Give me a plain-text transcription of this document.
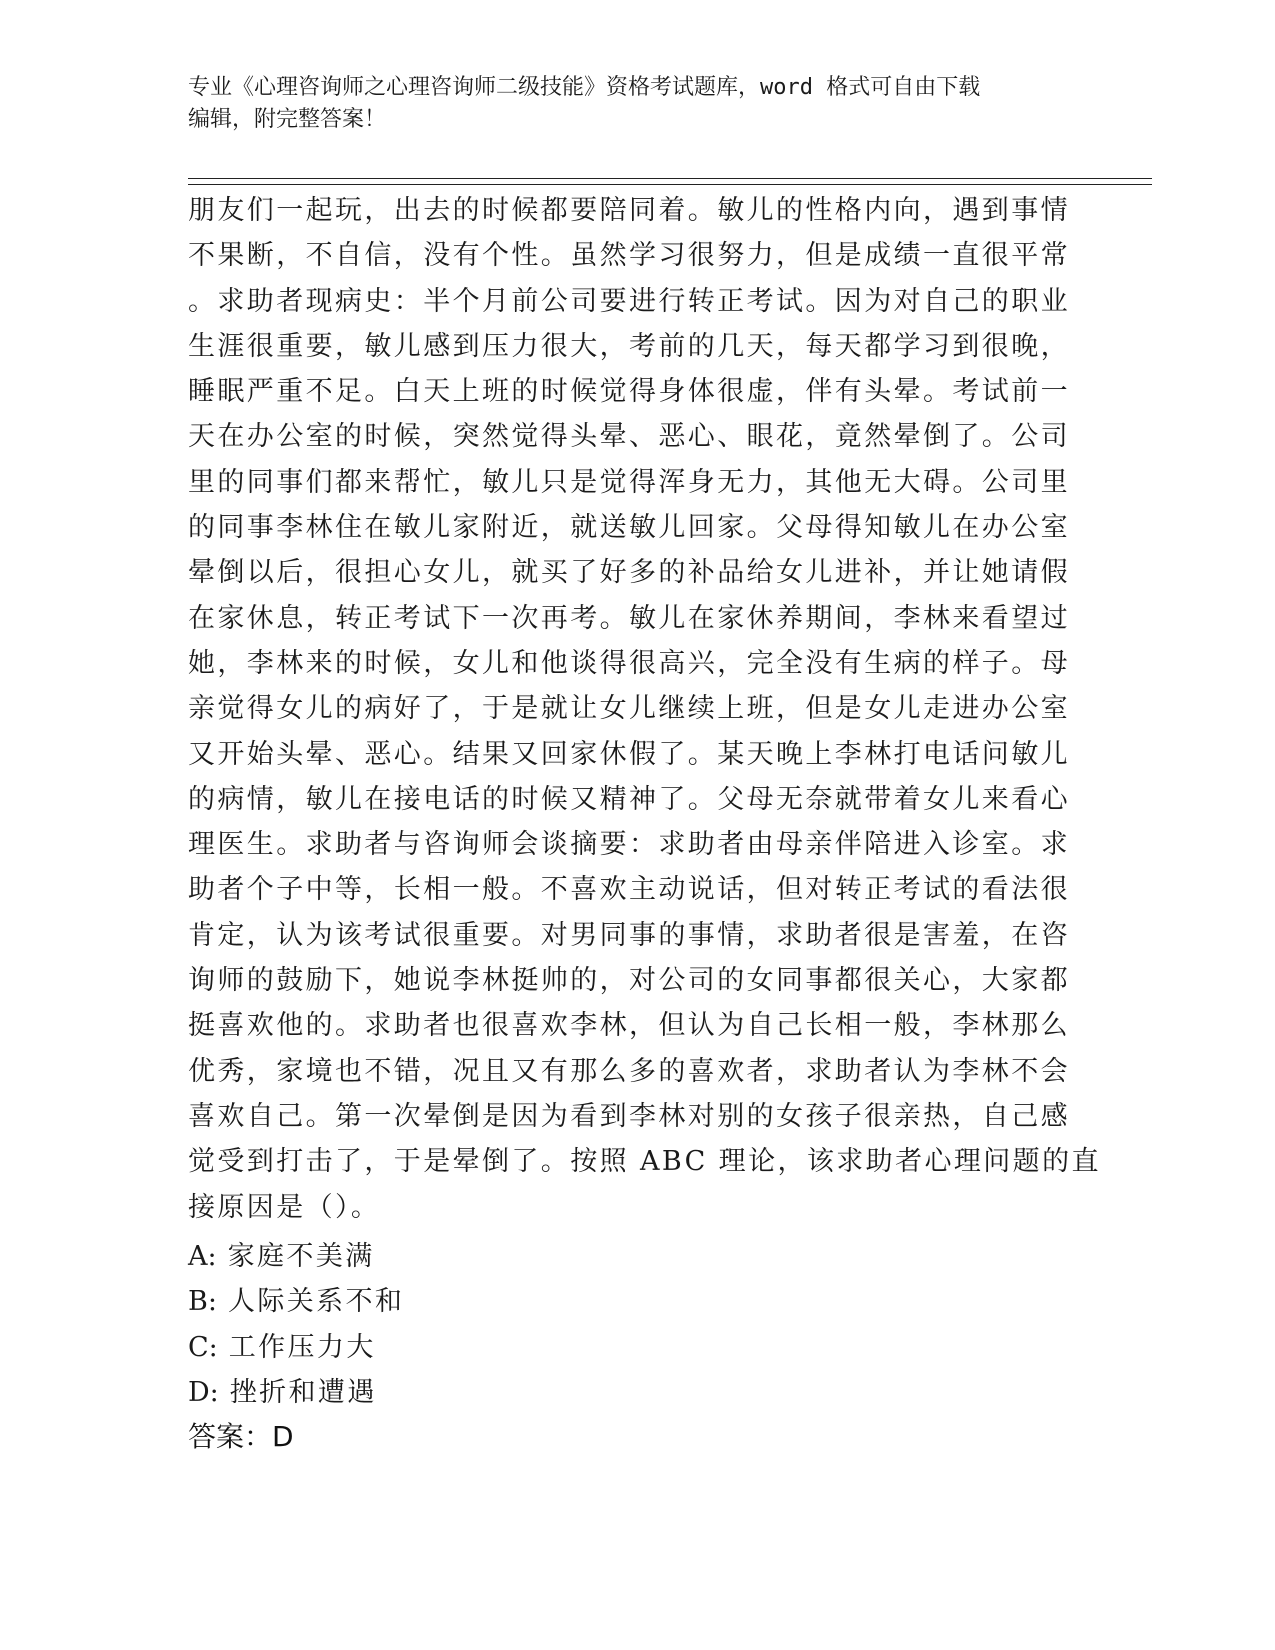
专业《心理咨询师之心理咨询师二级技能》资格考试题库，word 格式可自由下载
编辑，附完整答案！
朋友们一起玩，出去的时候都要陪同着。敏儿的性格内向，遇到事情
不果断，不自信，没有个性。虽然学习很努力，但是成绩一直很平常
。求助者现病史：半个月前公司要进行转正考试。因为对自己的职业
生涯很重要，敏儿感到压力很大，考前的几天，每天都学习到很晚，
睡眠严重不足。白天上班的时候觉得身体很虚，伴有头晕。考试前一
天在办公室的时候，突然觉得头晕、恶心、眼花，竟然晕倒了。公司
里的同事们都来帮忙，敏儿只是觉得浑身无力，其他无大碍。公司里
的同事李林住在敏儿家附近，就送敏儿回家。父母得知敏儿在办公室
晕倒以后，很担心女儿，就买了好多的补品给女儿进补，并让她请假
在家休息，转正考试下一次再考。敏儿在家休养期间，李林来看望过
她，李林来的时候，女儿和他谈得很高兴，完全没有生病的样子。母
亲觉得女儿的病好了，于是就让女儿继续上班，但是女儿走进办公室
又开始头晕、恶心。结果又回家休假了。某天晚上李林打电话问敏儿
的病情，敏儿在接电话的时候又精神了。父母无奈就带着女儿来看心
理医生。求助者与咨询师会谈摘要：求助者由母亲伴陪进入诊室。求
助者个子中等，长相一般。不喜欢主动说话，但对转正考试的看法很
肯定，认为该考试很重要。对男同事的事情，求助者很是害羞，在咨
询师的鼓励下，她说李林挺帅的，对公司的女同事都很关心，大家都
挺喜欢他的。求助者也很喜欢李林，但认为自己长相一般，李林那么
优秀，家境也不错，况且又有那么多的喜欢者，求助者认为李林不会
喜欢自己。第一次晕倒是因为看到李林对别的女孩子很亲热，自己感
觉受到打击了，于是晕倒了。按照 ABC 理论，该求助者心理问题的直
接原因是（）。
A: 家庭不美满
B: 人际关系不和
C: 工作压力大
D: 挫折和遭遇
答案：D
